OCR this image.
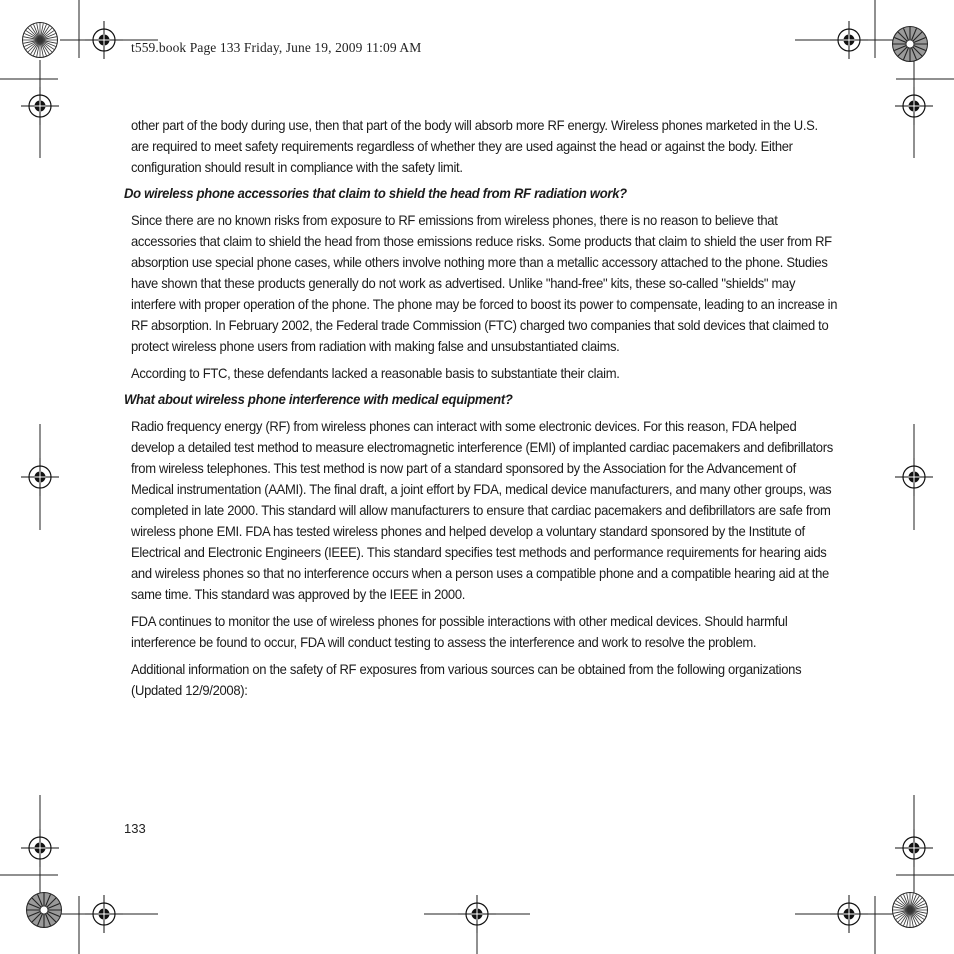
t559.book Page 133 Friday, June 19, 2009 11:09 AM

other part of the body during use, then that part of the body will absorb more RF energy. Wireless phones marketed in the U.S. are required to meet safety requirements regardless of whether they are used against the head or against the body. Either configuration should result in compliance with the safety limit.

Do wireless phone accessories that claim to shield the head from RF radiation work?

Since there are no known risks from exposure to RF emissions from wireless phones, there is no reason to believe that accessories that claim to shield the head from those emissions reduce risks. Some products that claim to shield the user from RF absorption use special phone cases, while others involve nothing more than a metallic accessory attached to the phone. Studies have shown that these products generally do not work as advertised. Unlike "hand-free" kits, these so-called "shields" may interfere with proper operation of the phone. The phone may be forced to boost its power to compensate, leading to an increase in RF absorption. In February 2002, the Federal trade Commission (FTC) charged two companies that sold devices that claimed to protect wireless phone users from radiation with making false and unsubstantiated claims.

According to FTC, these defendants lacked a reasonable basis to substantiate their claim.

What about wireless phone interference with medical equipment?

Radio frequency energy (RF) from wireless phones can interact with some electronic devices. For this reason, FDA helped develop a detailed test method to measure electromagnetic interference (EMI) of implanted cardiac pacemakers and defibrillators from wireless telephones. This test method is now part of a standard sponsored by the Association for the Advancement of Medical instrumentation (AAMI). The final draft, a joint effort by FDA, medical device manufacturers, and many other groups, was completed in late 2000. This standard will allow manufacturers to ensure that cardiac pacemakers and defibrillators are safe from wireless phone EMI. FDA has tested wireless phones and helped develop a voluntary standard sponsored by the Institute of Electrical and Electronic Engineers (IEEE). This standard specifies test methods and performance requirements for hearing aids and wireless phones so that no interference occurs when a person uses a compatible phone and a compatible hearing aid at the same time. This standard was approved by the IEEE in 2000.

FDA continues to monitor the use of wireless phones for possible interactions with other medical devices. Should harmful interference be found to occur, FDA will conduct testing to assess the interference and work to resolve the problem.

Additional information on the safety of RF exposures from various sources can be obtained from the following organizations (Updated 12/9/2008):

133
